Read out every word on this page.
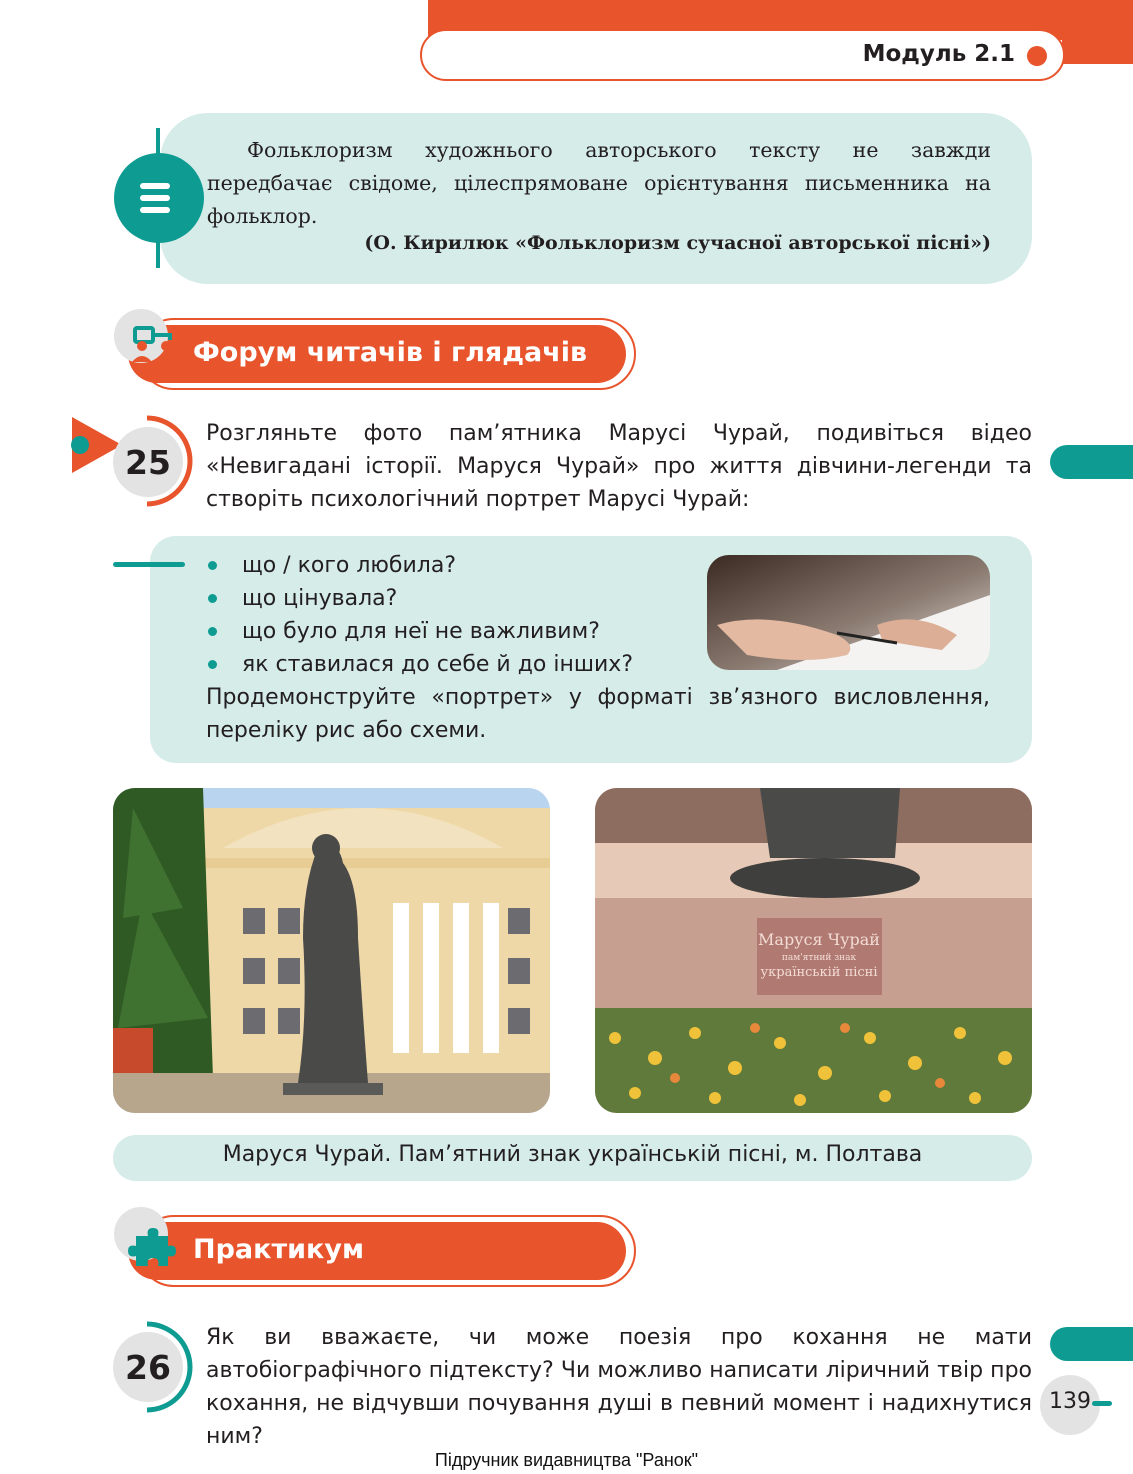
Модуль 2.1

Фольклоризм художнього авторського тексту не завжди передбачає свідоме, цілеспрямоване орієнтування письменника на фольклор.

(О. Кирилюк «Фольклоризм сучасної авторської пісні»)
Форум читачів і глядачів
25
Розгляньте фото пам’ятника Марусі Чурай, подивіться відео «Невигадані історії. Маруся Чурай» про життя дівчини-легенди та створіть психологічний портрет Марусі Чурай:
що / кого любила?
що цінувала?
що було для неї не важливим?
як ставилася до себе й до інших?
Продемонструйте «портрет» у форматі зв’язного висловлення, переліку рис або схеми.
Маруся Чурай
пам'ятний знак
українській пісні
Маруся Чурай. Пам’ятний знак українській пісні, м. Полтава
Практикум
26
Як ви вважаєте, чи може поезія про кохання не мати автобіографічного підтексту? Чи можливо написати ліричний твір про кохання, не відчувши почування душі в певний момент і надихнутися ним?
139
Підручник видавництва "Ранок"
